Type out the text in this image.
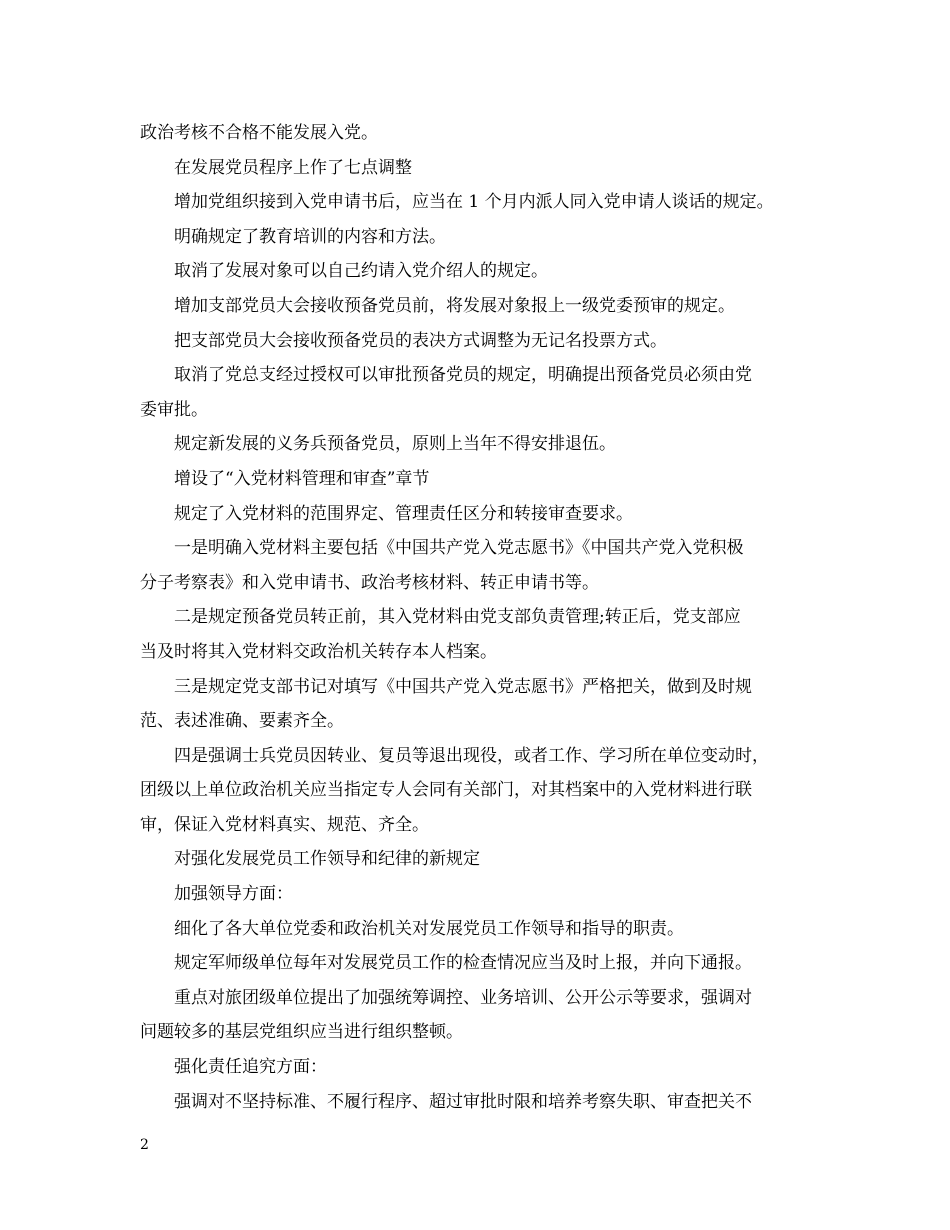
政治考核不合格不能发展入党。

在发展党员程序上作了七点调整

增加党组织接到入党申请书后，应当在 1 个月内派人同入党申请人谈话的规定。

明确规定了教育培训的内容和方法。

取消了发展对象可以自己约请入党介绍人的规定。

增加支部党员大会接收预备党员前，将发展对象报上一级党委预审的规定。

把支部党员大会接收预备党员的表决方式调整为无记名投票方式。

取消了党总支经过授权可以审批预备党员的规定，明确提出预备党员必须由党
委审批。

规定新发展的义务兵预备党员，原则上当年不得安排退伍。

增设了“入党材料管理和审查”章节

规定了入党材料的范围界定、管理责任区分和转接审查要求。

一是明确入党材料主要包括《中国共产党入党志愿书》《中国共产党入党积极
分子考察表》和入党申请书、政治考核材料、转正申请书等。

二是规定预备党员转正前，其入党材料由党支部负责管理;转正后，党支部应
当及时将其入党材料交政治机关转存本人档案。

三是规定党支部书记对填写《中国共产党入党志愿书》严格把关，做到及时规
范、表述准确、要素齐全。

四是强调士兵党员因转业、复员等退出现役，或者工作、学习所在单位变动时，
团级以上单位政治机关应当指定专人会同有关部门，对其档案中的入党材料进行联
审，保证入党材料真实、规范、齐全。

对强化发展党员工作领导和纪律的新规定

加强领导方面：

细化了各大单位党委和政治机关对发展党员工作领导和指导的职责。

规定军师级单位每年对发展党员工作的检查情况应当及时上报，并向下通报。

重点对旅团级单位提出了加强统筹调控、业务培训、公开公示等要求，强调对
问题较多的基层党组织应当进行组织整顿。

强化责任追究方面：

强调对不坚持标准、不履行程序、超过审批时限和培养考察失职、审查把关不

2
